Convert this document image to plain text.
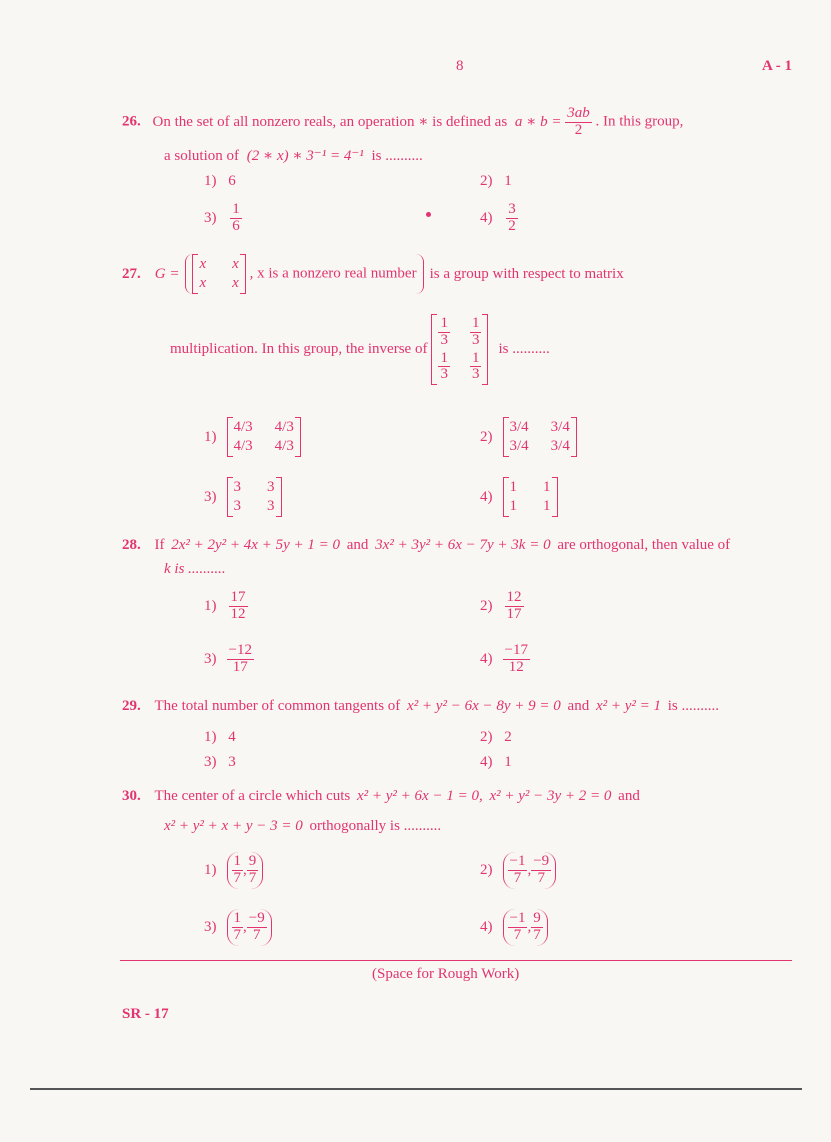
8	A - 1
26. On the set of all nonzero reals, an operation ∗ is defined as a ∗ $b = \frac{3ab}{2}$ . In this group,
a solution of (2 ∗ x) ∗ 3⁻¹ = 4⁻¹ is ..........
1) 6	2) 1
$3) \frac{1}{6}$	$4) \frac{3}{2}$
27. G =
x x
x x
, x is a nonzero real number is a group with respect to matrix
multiplication. In this group, the inverse of
$\frac{1}{3} \frac{1}{3}$
$\frac{1}{3} \frac{1}{3}$
is ..........
1)
4/3 4/3
4/3 4/3
2)
3/4 3/4
3/4 3/4
3)
3 3
3 3
4)
1 1
1 1
28. If 2x² + 2y² + 4x + 5y + 1 = 0 and 3x² + 3y² + 6x − 7y + 3k = 0 are orthogonal, then value of
k is ..........
$1) \frac{17}{12}$	$2) \frac{12}{17}$
$3) \frac{-12}{17}$	$4) \frac{-17}{12}$
29. The total number of common tangents of x² + y² − 6x − 8y + 9 = 0 and x² + y² = 1 is ..........
1) 4	2) 2
3) 3	4) 1
30. The center of a circle which cuts x² + y² + 6x − 1 = 0, x² + y² − 3y + 2 = 0 and
x² + y² + x + y − 3 = 0 orthogonally is ..........
$1) \frac{1}{7}$ , $\frac{9}{7}$	$2) \frac{-1}{7}$ , $\frac{-9}{7}$
$3) \frac{1}{7}$ , $\frac{-9}{7}$	$4) \frac{-1}{7}$ , $\frac{9}{7}$
(Space for Rough Work)
SR - 17
